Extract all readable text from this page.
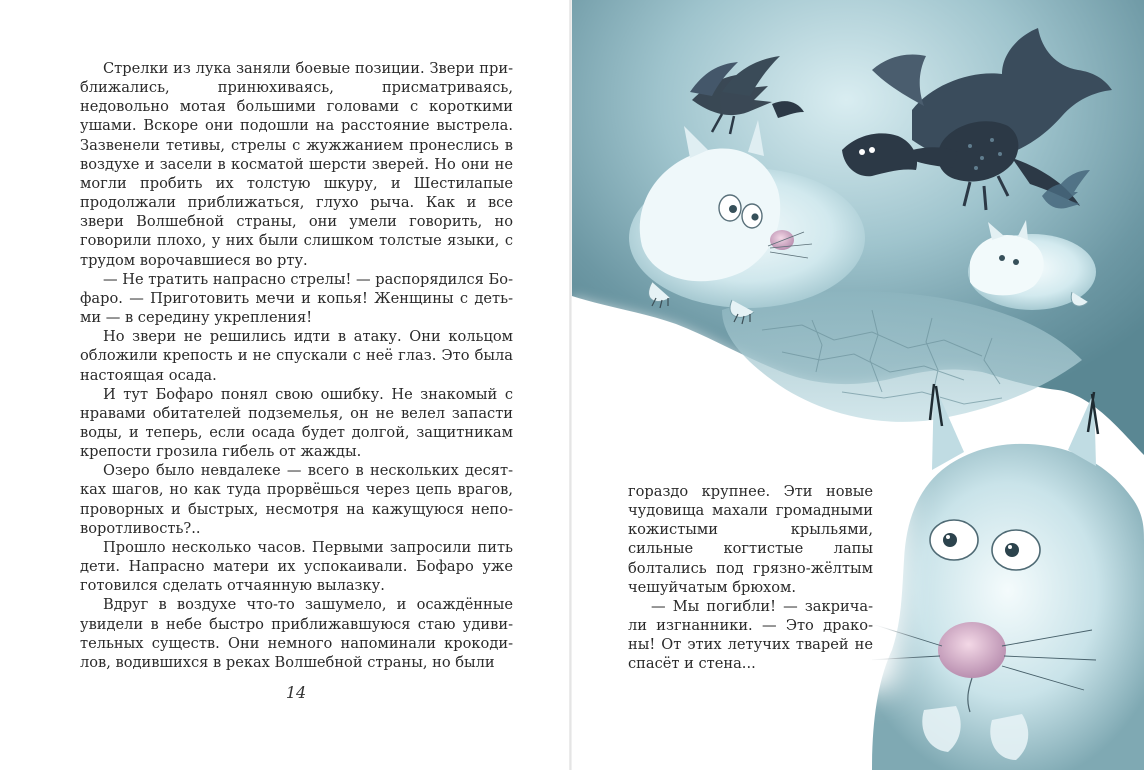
Стрелки из лука заняли боевые позиции. Звери приближались, принюхиваясь, присматриваясь, недовольно мотая большими головами с короткими ушами. Вскоре они подошли на расстояние выстрела. Зазвенели тетивы, стрелы с жужжанием пронеслись в воздухе и засели в косматой шерсти зверей. Но они не могли пробить их толстую шкуру, и Шестилапые продолжали приближаться, глухо рыча. Как и все звери Волшебной страны, они умели говорить, но говорили плохо, у них были слишком толстые языки, с трудом ворочавшиеся во рту.

— Не тратить напрасно стрелы! — распорядился Бофаро. — Приготовить мечи и копья! Женщины с детьми — в середину укрепления!

Но звери не решились идти в атаку. Они кольцом обложили крепость и не спускали с неё глаз. Это была настоящая осада.

И тут Бофаро понял свою ошибку. Не знакомый с нравами обитателей подземелья, он не велел запасти воды, и теперь, если осада будет долгой, защитникам крепости грозила гибель от жажды.

Озеро было невдалеке — всего в нескольких десятках шагов, но как туда прорвёшься через цепь врагов, проворных и быстрых, несмотря на кажущуюся неповоротливость?..

Прошло несколько часов. Первыми запросили пить дети. Напрасно матери их успокаивали. Бофаро уже готовился сделать отчаянную вылазку.

Вдруг в воздухе что-то зашумело, и осаждённые увидели в небе быстро приближавшуюся стаю удивительных существ. Они немного напоминали крокодилов, водившихся в реках Волшебной страны, но были

14

гораздо крупнее. Эти новые чудовища махали громадными кожистыми крыльями, сильные когтистые лапы болтались под грязно-жёлтым чешуйчатым брюхом.

— Мы погибли! — закричали изгнанники. — Это драконы! От этих летучих тварей не спасёт и стена...
